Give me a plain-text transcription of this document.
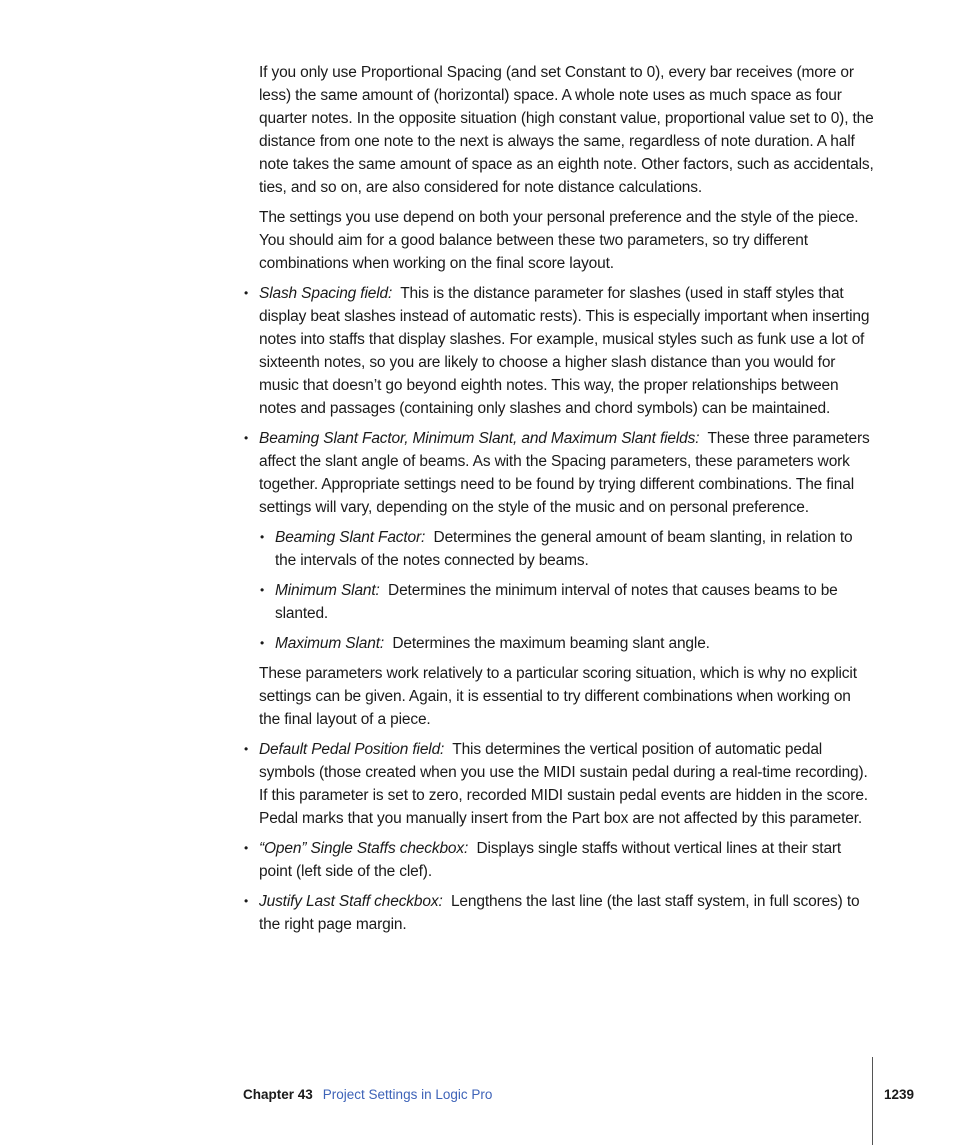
If you only use Proportional Spacing (and set Constant to 0), every bar receives (more or less) the same amount of (horizontal) space. A whole note uses as much space as four quarter notes. In the opposite situation (high constant value, proportional value set to 0), the distance from one note to the next is always the same, regardless of note duration. A half note takes the same amount of space as an eighth note. Other factors, such as accidentals, ties, and so on, are also considered for note distance calculations.

The settings you use depend on both your personal preference and the style of the piece. You should aim for a good balance between these two parameters, so try different combinations when working on the final score layout.

• Slash Spacing field: This is the distance parameter for slashes (used in staff styles that display beat slashes instead of automatic rests). This is especially important when inserting notes into staffs that display slashes. For example, musical styles such as funk use a lot of sixteenth notes, so you are likely to choose a higher slash distance than you would for music that doesn’t go beyond eighth notes. This way, the proper relationships between notes and passages (containing only slashes and chord symbols) can be maintained.
• Beaming Slant Factor, Minimum Slant, and Maximum Slant fields: These three parameters affect the slant angle of beams. As with the Spacing parameters, these parameters work together. Appropriate settings need to be found by trying different combinations. The final settings will vary, depending on the style of the music and on personal preference.
• Beaming Slant Factor: Determines the general amount of beam slanting, in relation to the intervals of the notes connected by beams.
• Minimum Slant: Determines the minimum interval of notes that causes beams to be slanted.
• Maximum Slant: Determines the maximum beaming slant angle.

These parameters work relatively to a particular scoring situation, which is why no explicit settings can be given. Again, it is essential to try different combinations when working on the final layout of a piece.

• Default Pedal Position field: This determines the vertical position of automatic pedal symbols (those created when you use the MIDI sustain pedal during a real-time recording). If this parameter is set to zero, recorded MIDI sustain pedal events are hidden in the score. Pedal marks that you manually insert from the Part box are not affected by this parameter.
• “Open” Single Staffs checkbox: Displays single staffs without vertical lines at their start point (left side of the clef).
• Justify Last Staff checkbox: Lengthens the last line (the last staff system, in full scores) to the right page margin.
Chapter 43 Project Settings in Logic Pro	1239
